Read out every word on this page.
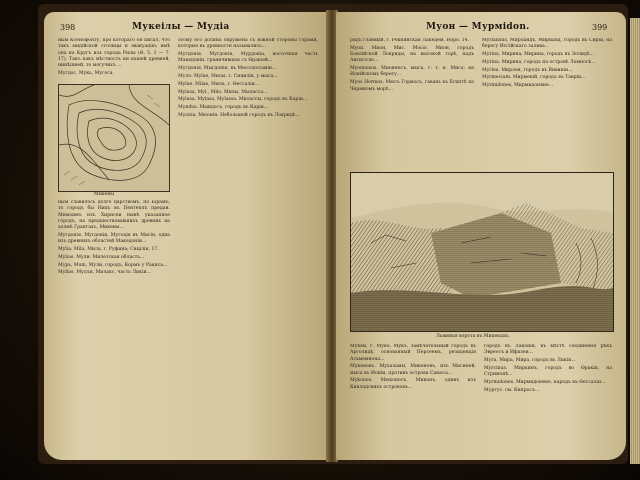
398	Мукеілы — Мудіа

ным Ксенофонту, про котораго он писал, что такъ мидійской столицы и эвакуацію; имѣ она на Кругъ изъ города Рилы (Ѳ. 5. 1 — 7. 17). Такъ какъ мѣстноcть ни нашей древней, нинѣшней, то могучихъ ...

Мугдос, Мукь, Мугоса.

Микены

ным славилось долго царствомъ, по Бірамъ, то городъ бы Нихъ въ Пентеплъ предан. Мимоимъ изъ Хирнсеи нынѣ указанное городъ, на предшествовавшихъ древних на холмѣ Грангахъ, Микены...

Мугдонія. Мугдоніи, Мугоція въ Мисіи, одна изъ древнихъ областей Македоніи...

Mylia. Mila, Мила, г. Руфина; Сиціліи, 17.

Mylias. Мули. Милетская область...

Мурь, Mum, Мули, городъ, Кормъ у Ракиса...

Муllas. Мулли, Милакс, часть Ликіи...

этому его долина окружена съ южной стороны горами, которые въ древности назывались...

Мугдонія. Мугдонія, Мурдоніа, восточная часть Македоніи, граничившая съ Ѳракіей...

Мугдонія, Мыгдонія, въ Мессопотаміи...

Муло. Mylae, Милы, г. Сицилія, у мыса...

Mylae. Milae, Мила, г. Ѳессаліи...

Mylasa, Myl., Milo, Милы, Мыласса...

Mylasa. Mylasa, Mylassa, Милассы, городъ въ Каріи...

Муndus. Мындосъ, городъ въ Каріи...

Муonia. Мюонія. Небольшой городъ въ Локридѣ...

Муон — Мурмidon.	399

рядъ главный, г. Рекнинская Лакедем. Норо. 14.

Myon. Мион, Мис. Μυών, Мион, городъ Бовлійской Локриды, на высокой горѣ, надъ Ангиссою...

Myonnesus. Мионнесъ, мыса, г. т. н. Мисэ; на Ионійскомъ берегу...

Муos Hormos, Мюсъ Гормосъ, гавань въ Египтѣ на Чермномъ морѣ...

Myrlandus, Мирландъ, Мирианд, городъ въ Сиріи, на берегу Иссійскаго залива...

Муrina, Мирина, Мирина, городъ въ Эолидѣ...

Муrina. Мирина, городъ на островѣ Лемносѣ...

Myrlea. Мирлея, городъ въ Виѳиніи...

Мyrmecium. Мирмекій, городъ въ Тавріи...

Муrmidones, Мирмидоняне...

Львиныя ворота въ Микенахъ.

Мукеи, г. Муке, Мукъ, замѣчательный городъ въ Арголидѣ, основанный Персеемъ, резиденція Агамемнона...

Мукеновъ. Мухаламы, Микеновъ, изъ Мисиней, мыса въ Ионіи, противъ острова Самоса...

Mykonos. Мюконосъ, Миконъ, одинъ изъ Кикладскихъ острововъ...

городъ въ Лаконіи, въ мѣстѣ соединенія рѣкъ Эвреосъ и Ифазеи...

Муra, Мира, Мира, городъ въ Ликіи...

Мyrcinus. Миркинъ, городъ во Ѳракіи, на Стримонѣ...

Myrmidones. Мирмидоняне, народъ въ Ѳессаліи...

Мургус. см. Кипросъ...
